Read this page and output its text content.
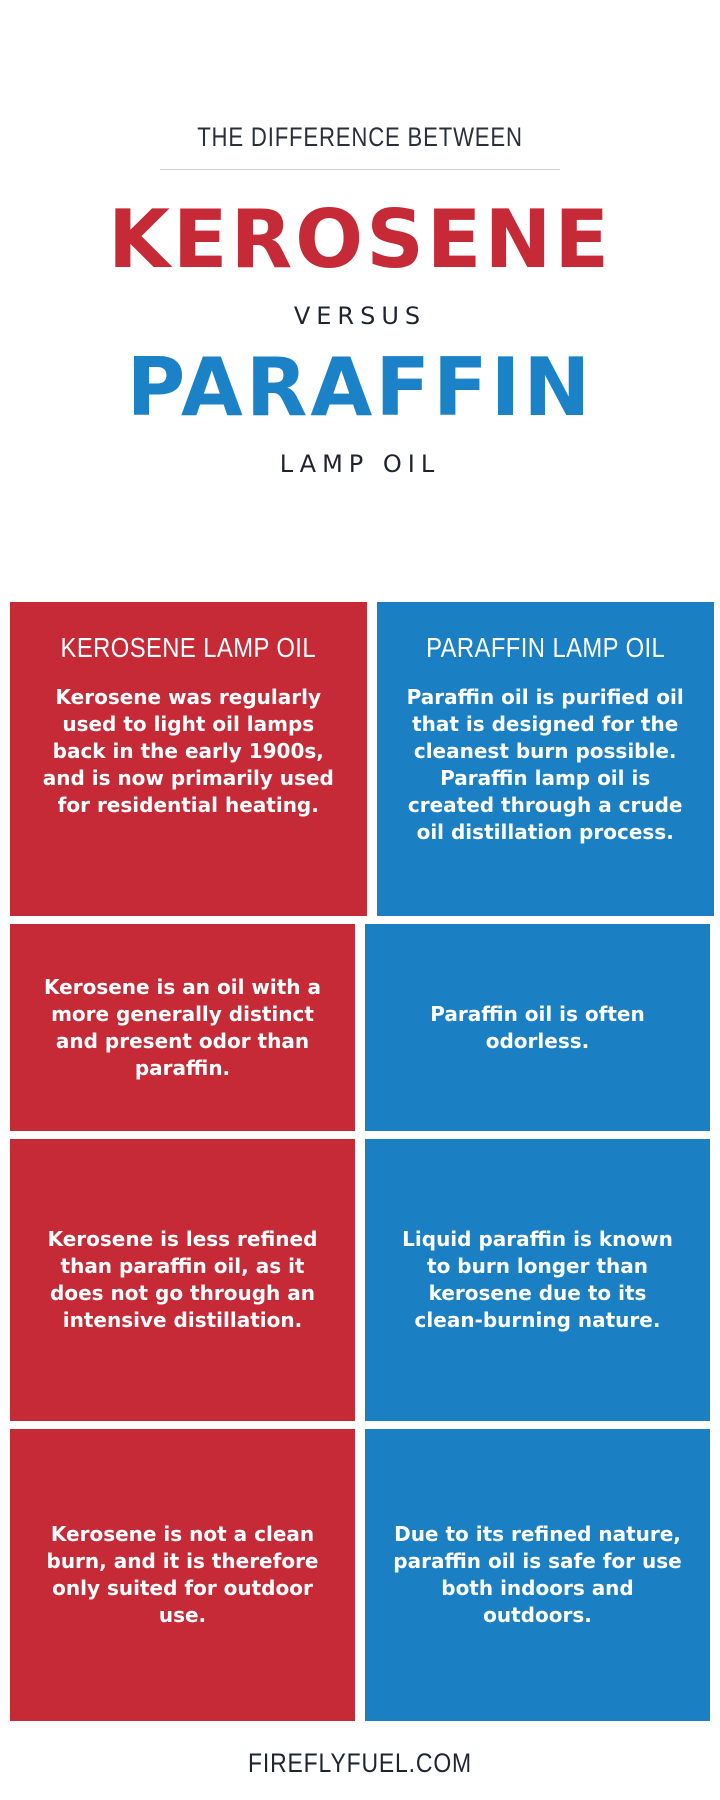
THE DIFFERENCE BETWEEN
KEROSENE
VERSUS
PARAFFIN
LAMP OIL
KEROSENE LAMP OIL
Kerosene was regularly used to light oil lamps back in the early 1900s, and is now primarily used for residential heating.
PARAFFIN LAMP OIL
Paraffin oil is purified oil that is designed for the cleanest burn possible. Paraffin lamp oil is created through a crude oil distillation process.
Kerosene is an oil with a more generally distinct and present odor than paraffin.
Paraffin oil is often odorless.
Kerosene is less refined than paraffin oil, as it does not go through an intensive distillation.
Liquid paraffin is known to burn longer than kerosene due to its clean-burning nature.
Kerosene is not a clean burn, and it is therefore only suited for outdoor use.
Due to its refined nature, paraffin oil is safe for use both indoors and outdoors.
FIREFLYFUEL.COM
